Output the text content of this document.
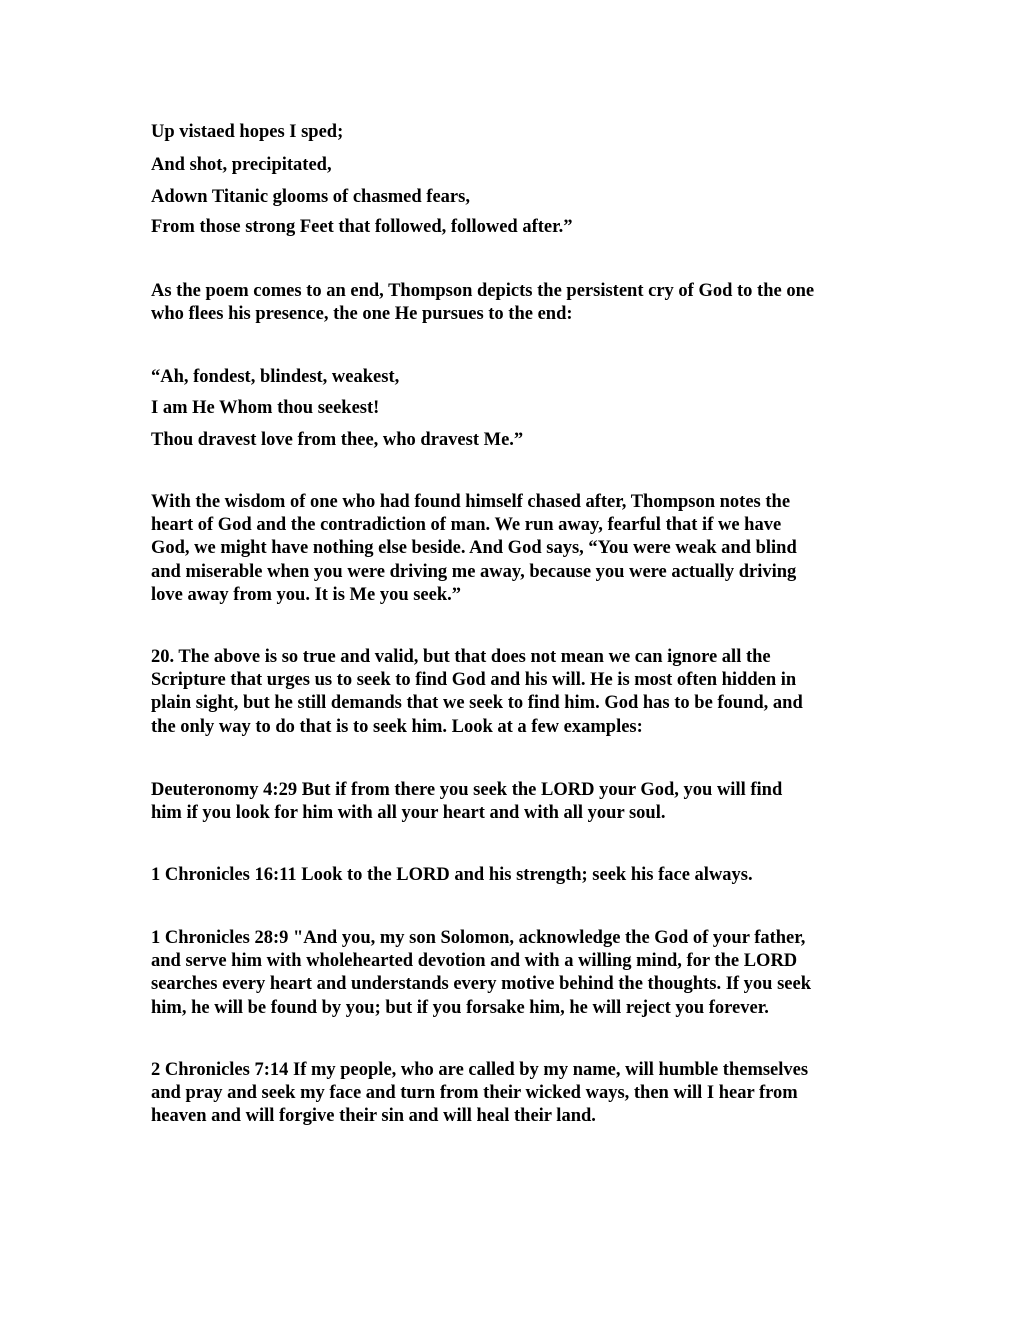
Up vistaed hopes I sped;
And shot, precipitated,
Adown Titanic glooms of chasmed fears,
From those strong Feet that followed, followed after.”
As the poem comes to an end, Thompson depicts the persistent cry of God to the one
who flees his presence, the one He pursues to the end:
“Ah, fondest, blindest, weakest,
I am He Whom thou seekest!
Thou dravest love from thee, who dravest Me.”
With the wisdom of one who had found himself chased after, Thompson notes the
heart of God and the contradiction of man. We run away, fearful that if we have
God, we might have nothing else beside. And God says, “You were weak and blind
and miserable when you were driving me away, because you were actually driving
love away from you. It is Me you seek.”
20. The above is so true and valid, but that does not mean we can ignore all the
Scripture that urges us to seek to find God and his will. He is most often hidden in
plain sight, but he still demands that we seek to find him. God has to be found, and
the only way to do that is to seek him. Look at a few examples:
Deuteronomy 4:29 But if from there you seek the LORD your God, you will find
him if you look for him with all your heart and with all your soul.
1 Chronicles 16:11 Look to the LORD and his strength; seek his face always.
1 Chronicles 28:9 "And you, my son Solomon, acknowledge the God of your father,
and serve him with wholehearted devotion and with a willing mind, for the LORD
searches every heart and understands every motive behind the thoughts. If you seek
him, he will be found by you; but if you forsake him, he will reject you forever.
2 Chronicles 7:14 If my people, who are called by my name, will humble themselves
and pray and seek my face and turn from their wicked ways, then will I hear from
heaven and will forgive their sin and will heal their land.
